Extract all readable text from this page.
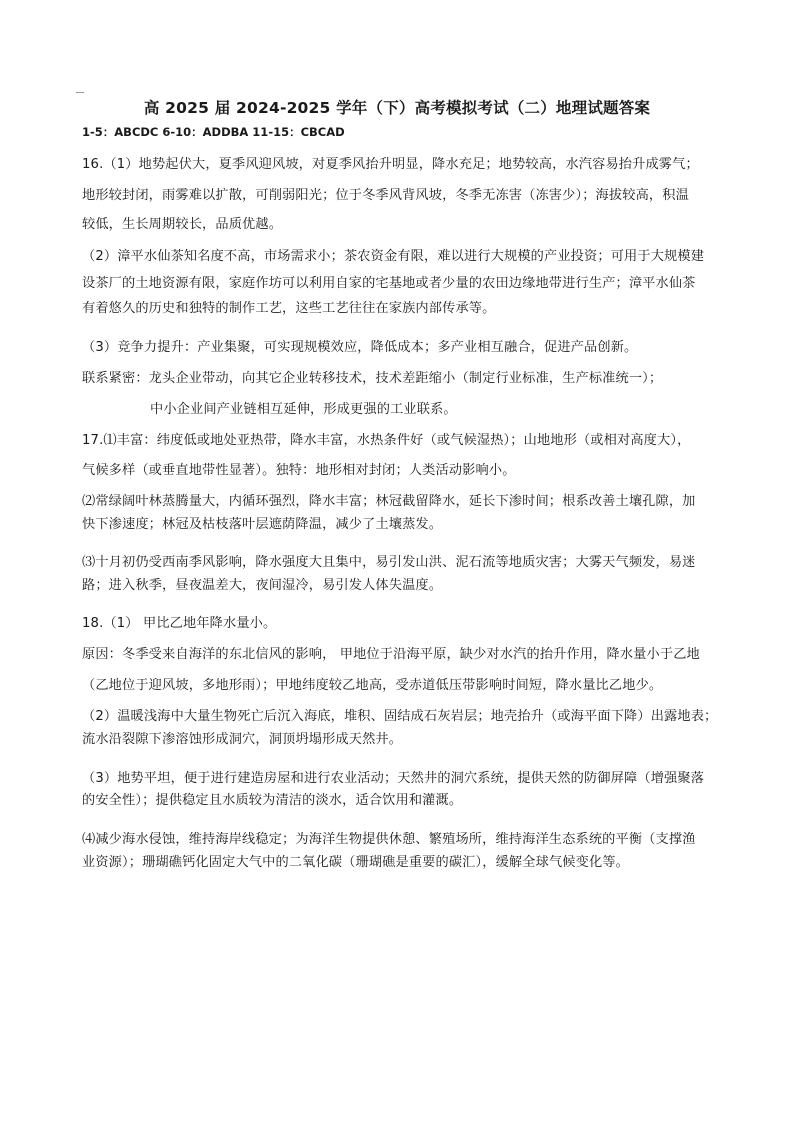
高 2025 届 2024-2025 学年（下）高考模拟考试（二）地理试题答案
1-5：ABCDC 6-10：ADDBA 11-15：CBCAD
16.（1）地势起伏大，夏季风迎风坡，对夏季风抬升明显，降水充足；地势较高，水汽容易抬升成雾气；
地形较封闭，雨雾难以扩散，可削弱阳光；位于冬季风背风坡，冬季无冻害（冻害少）；海拔较高，积温
较低，生长周期较长，品质优越。
（2）漳平水仙茶知名度不高，市场需求小；茶农资金有限，难以进行大规模的产业投资；可用于大规模建
设茶厂的土地资源有限，家庭作坊可以利用自家的宅基地或者少量的农田边缘地带进行生产；漳平水仙茶
有着悠久的历史和独特的制作工艺，这些工艺往往在家族内部传承等。
（3）竞争力提升：产业集聚，可实现规模效应，降低成本；多产业相互融合，促进产品创新。
联系紧密：龙头企业带动，向其它企业转移技术，技术差距缩小（制定行业标准，生产标准统一）；
中小企业间产业链相互延伸，形成更强的工业联系。
17.⑴丰富：纬度低或地处亚热带，降水丰富，水热条件好（或气候湿热）；山地地形（或相对高度大），
气候多样（或垂直地带性显著）。独特：地形相对封闭；人类活动影响小。
⑵常绿阔叶林蒸腾量大，内循环强烈，降水丰富；林冠截留降水，延长下渗时间；根系改善土壤孔隙，加
快下渗速度；林冠及枯枝落叶层遮荫降温，减少了土壤蒸发。
⑶十月初仍受西南季风影响，降水强度大且集中，易引发山洪、泥石流等地质灾害；大雾天气频发，易迷
路；进入秋季，昼夜温差大，夜间湿冷，易引发人体失温度。
18.（1） 甲比乙地年降水量小。
原因：冬季受来自海洋的东北信风的影响， 甲地位于沿海平原，缺少对水汽的抬升作用，降水量小于乙地
（乙地位于迎风坡，多地形雨）；甲地纬度较乙地高，受赤道低压带影响时间短，降水量比乙地少。
（2）温暖浅海中大量生物死亡后沉入海底，堆积、固结成石灰岩层；地壳抬升（或海平面下降）出露地表；
流水沿裂隙下渗溶蚀形成洞穴，洞顶坍塌形成天然井。
（3）地势平坦，便于进行建造房屋和进行农业活动；天然井的洞穴系统，提供天然的防御屏障（增强聚落
的安全性）；提供稳定且水质较为清洁的淡水，适合饮用和灌溉。
⑷减少海水侵蚀，维持海岸线稳定；为海洋生物提供休憩、繁殖场所，维持海洋生态系统的平衡（支撑渔
业资源）；珊瑚礁钙化固定大气中的二氧化碳（珊瑚礁是重要的碳汇），缓解全球气候变化等。
